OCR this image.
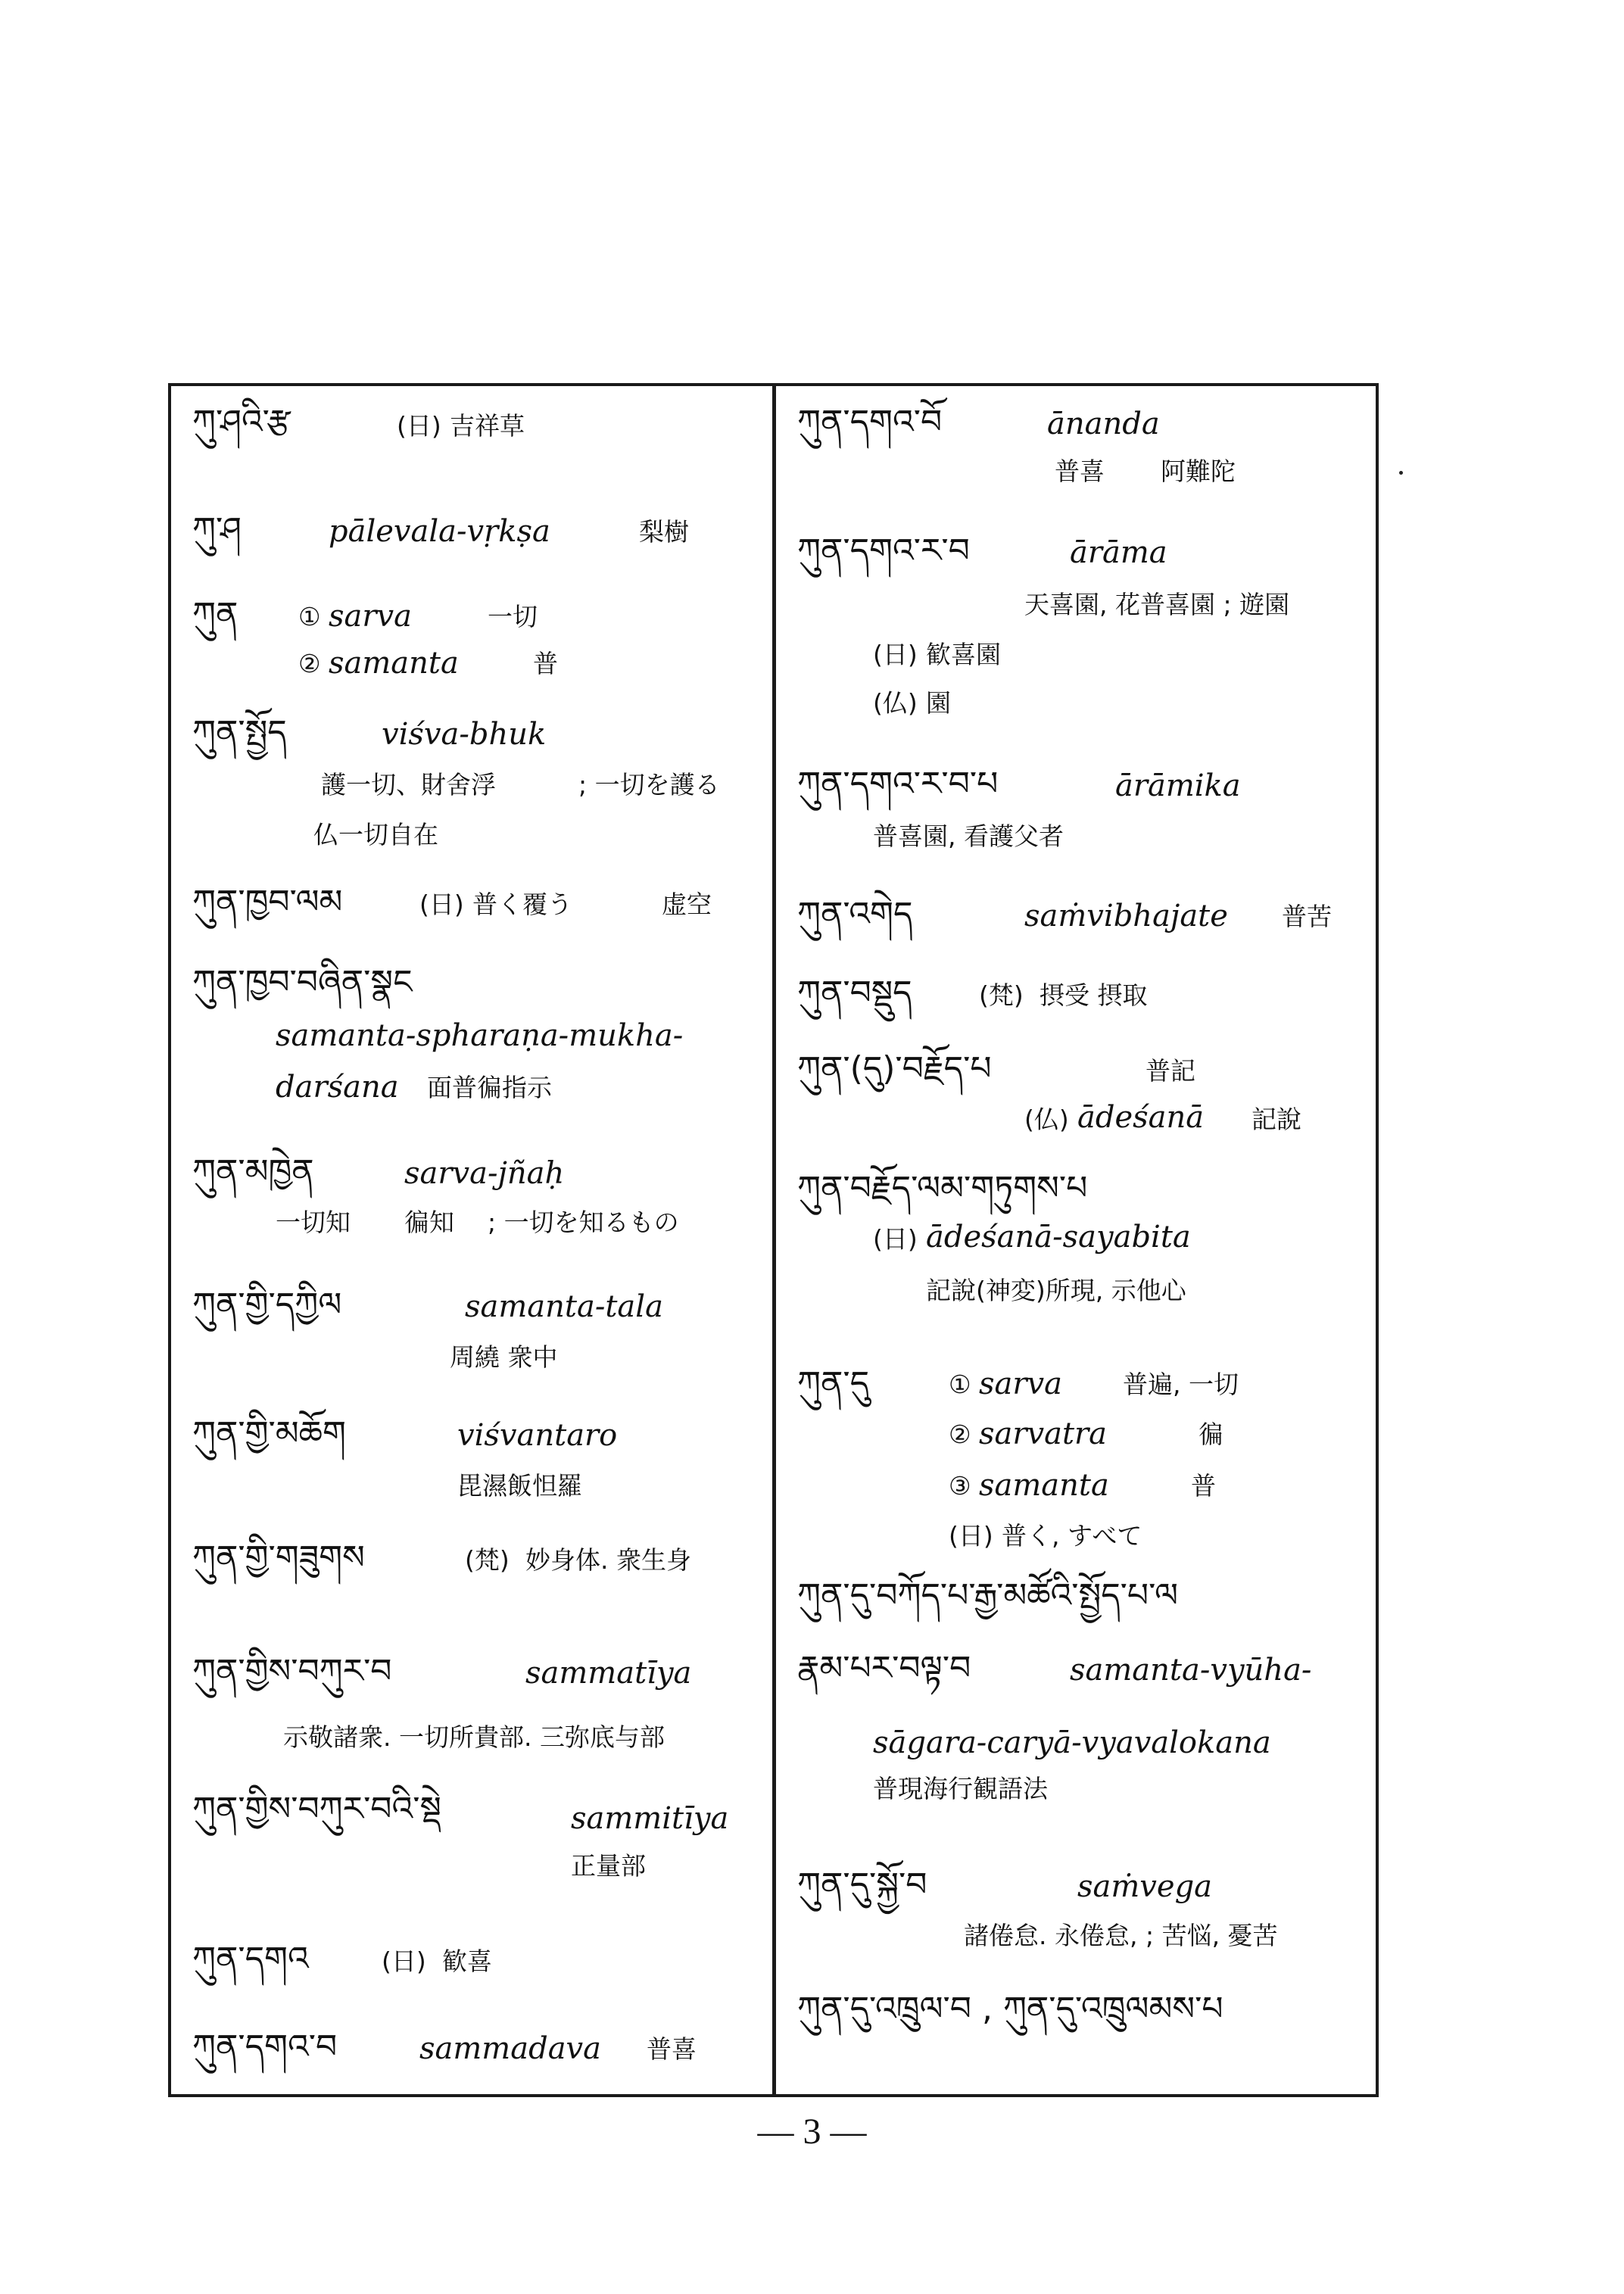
ཀུ་ཤའི་རྩ	(日) 吉祥草
ཀུ་ཤ	pālevala-vṛkṣa	梨樹
ཀུན ① sarva	一切
② samanta	普
ཀུན་སྤྱོད	viśva-bhuk
護一切、財舍浮	; 一切を護る
仏一切自在
ཀུན་ཁྱབ་ལམ	(日) 普く覆う	虚空
ཀུན་ཁྱབ་བཞིན་སྣང
samanta-spharaṇa-mukha-
darśana 面普徧指示
ཀུན་མཁྱེན	sarva-jñaḥ
一切知 徧知 ; 一切を知るもの
ཀུན་གྱི་དཀྱིལ	samanta-tala
周繞 衆中
ཀུན་གྱི་མཆོག	viśvantaro
毘濕飯怛羅
ཀུན་གྱི་གཟུགས	(梵) 妙身体. 衆生身
ཀུན་གྱིས་བཀུར་བ	sammatīya
示敬諸衆. 一切所貴部. 三弥底与部
ཀུན་གྱིས་བཀུར་བའི་སྡེ	sammitīya
正量部
ཀུན་དགའ	(日) 歓喜
ཀུན་དགའ་བ	sammadava 普喜
ཀུན་དགའ་བོ	ānanda
普喜 阿難陀
ཀུན་དགའ་ར་བ	ārāma
天喜園, 花普喜園 ; 遊園
(日) 歓喜園
(仏) 園
ཀུན་དགའ་ར་བ་པ	ārāmika
普喜園, 看護父者
ཀུན་འགེད	saṁvibhajate 普苦
ཀུན་བསྡུད	(梵) 摂受 摂取
ཀུན་(དུ)་བརྗོད་པ	普記
(仏) ādeśanā 記說
ཀུན་བརྗོད་ལམ་གཏུགས་པ
(日) ādeśanā-sayabita
記說(神変)所現, 示他心
ཀུན་དུ	① sarva 普遍, 一切
② sarvatra	徧
③ samanta	普
(日) 普く, すべて
ཀུན་དུ་བཀོད་པ་རྒྱ་མཚོའི་སྤྱོད་པ་ལ
རྣམ་པར་བལྟ་བ	samanta-vyūha-
sāgara-caryā-vyavalokana
普現海行観語法
ཀུན་དུ་སྐྱོ་བ	saṁvega
諸倦怠. 永倦怠, ; 苦悩, 憂苦
ཀུན་དུ་འཁྲུལ་བ , ཀུན་དུ་འཁྲུལམས་པ
— 3 —
